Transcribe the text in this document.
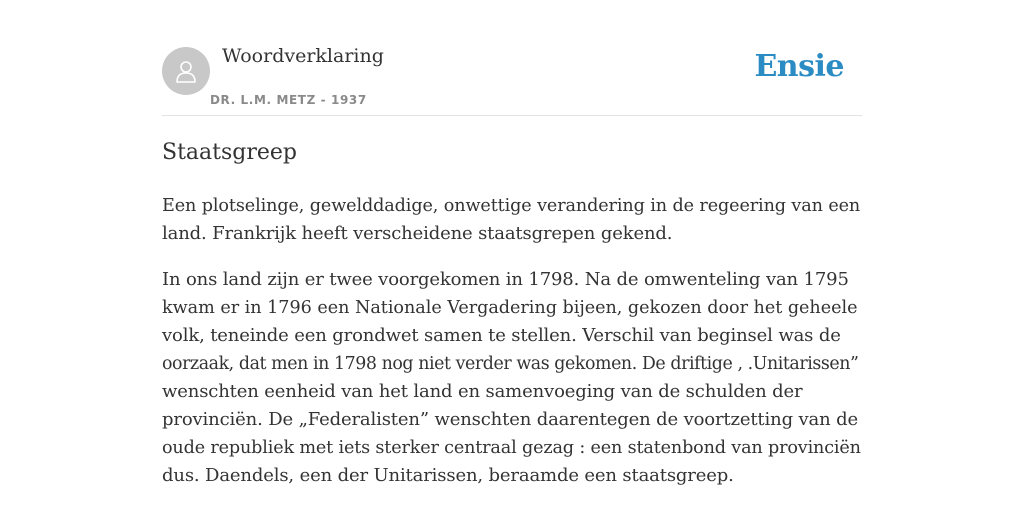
Woordverklaring
DR. L.M. METZ - 1937
Ensie
Staatsgreep

Een plotselinge, gewelddadige, onwettige verandering in de regeering van een
land. Frankrijk heeft verscheidene staatsgrepen gekend.

In ons land zijn er twee voorgekomen in 1798. Na de omwenteling van 1795
kwam er in 1796 een Nationale Vergadering bijeen, gekozen door het geheele
volk, teneinde een grondwet samen te stellen. Verschil van beginsel was de
oorzaak, dat men in 1798 nog niet verder was gekomen. De driftige , .Unitarissen”
wenschten eenheid van het land en samenvoeging van de schulden der
provinciën. De „Federalisten” wenschten daarentegen de voortzetting van de
oude republiek met iets sterker centraal gezag : een statenbond van provinciën
dus. Daendels, een der Unitarissen, beraamde een staatsgreep.
